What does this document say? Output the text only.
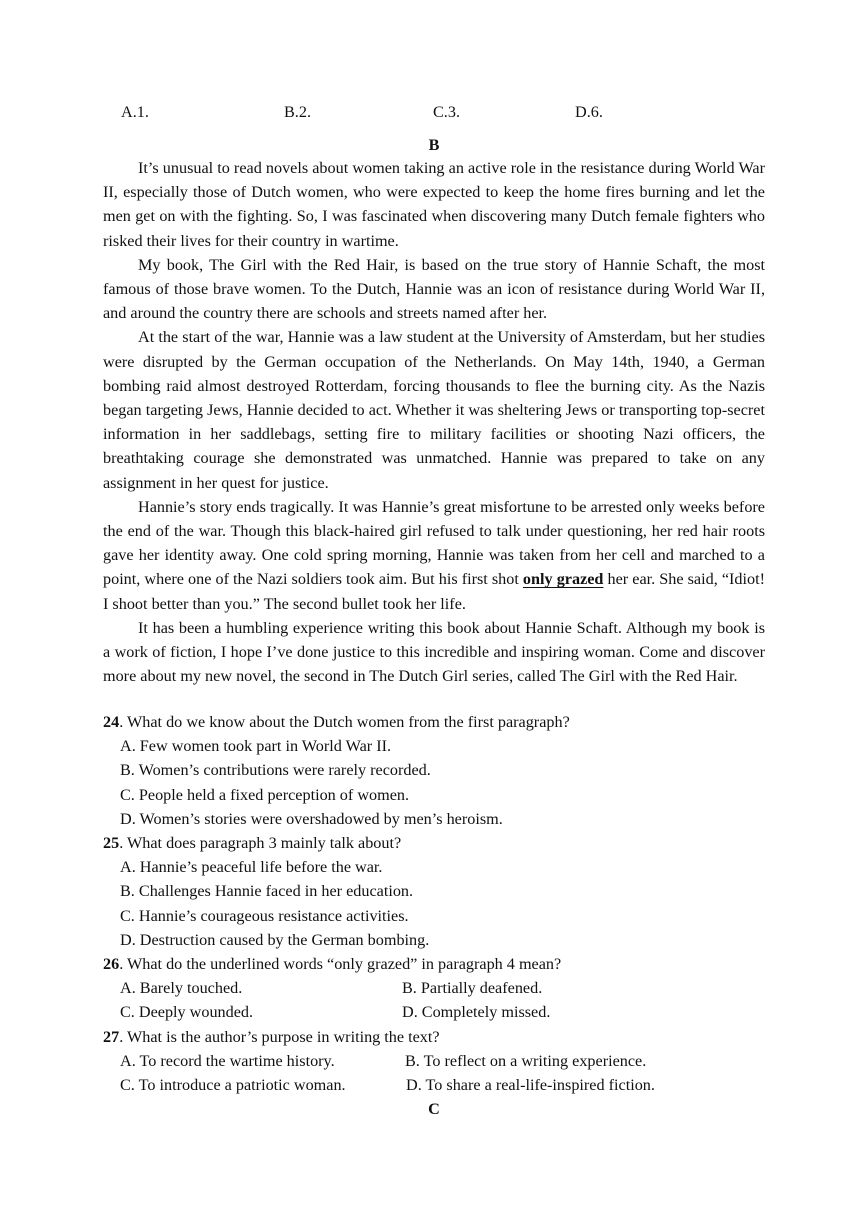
A.1.	B.2.	C.3.	D.6.
B

It’s unusual to read novels about women taking an active role in the resistance during World War II, especially those of Dutch women, who were expected to keep the home fires burning and let the men get on with the fighting. So, I was fascinated when discovering many Dutch female fighters who risked their lives for their country in wartime.

My book, The Girl with the Red Hair, is based on the true story of Hannie Schaft, the most famous of those brave women. To the Dutch, Hannie was an icon of resistance during World War II, and around the country there are schools and streets named after her.

At the start of the war, Hannie was a law student at the University of Amsterdam, but her studies were disrupted by the German occupation of the Netherlands. On May 14th, 1940, a German bombing raid almost destroyed Rotterdam, forcing thousands to flee the burning city. As the Nazis began targeting Jews, Hannie decided to act. Whether it was sheltering Jews or transporting top-secret information in her saddlebags, setting fire to military facilities or shooting Nazi officers, the breathtaking courage she demonstrated was unmatched. Hannie was prepared to take on any assignment in her quest for justice.

Hannie’s story ends tragically. It was Hannie’s great misfortune to be arrested only weeks before the end of the war. Though this black-haired girl refused to talk under questioning, her red hair roots gave her identity away. One cold spring morning, Hannie was taken from her cell and marched to a point, where one of the Nazi soldiers took aim. But his first shot only grazed her ear. She said, “Idiot! I shoot better than you.” The second bullet took her life.

It has been a humbling experience writing this book about Hannie Schaft. Although my book is a work of fiction, I hope I’ve done justice to this incredible and inspiring woman. Come and discover more about my new novel, the second in The Dutch Girl series, called The Girl with the Red Hair.

24. What do we know about the Dutch women from the first paragraph?
A. Few women took part in World War II.
B. Women’s contributions were rarely recorded.
C. People held a fixed perception of women.
D. Women’s stories were overshadowed by men’s heroism.
25. What does paragraph 3 mainly talk about?
A. Hannie’s peaceful life before the war.
B. Challenges Hannie faced in her education.
C. Hannie’s courageous resistance activities.
D. Destruction caused by the German bombing.
26. What do the underlined words “only grazed” in paragraph 4 mean?
A. Barely touched.	B. Partially deafened.
C. Deeply wounded.	D. Completely missed.
27. What is the author’s purpose in writing the text?
A. To record the wartime history.	B. To reflect on a writing experience.
C. To introduce a patriotic woman.	D. To share a real-life-inspired fiction.
C
